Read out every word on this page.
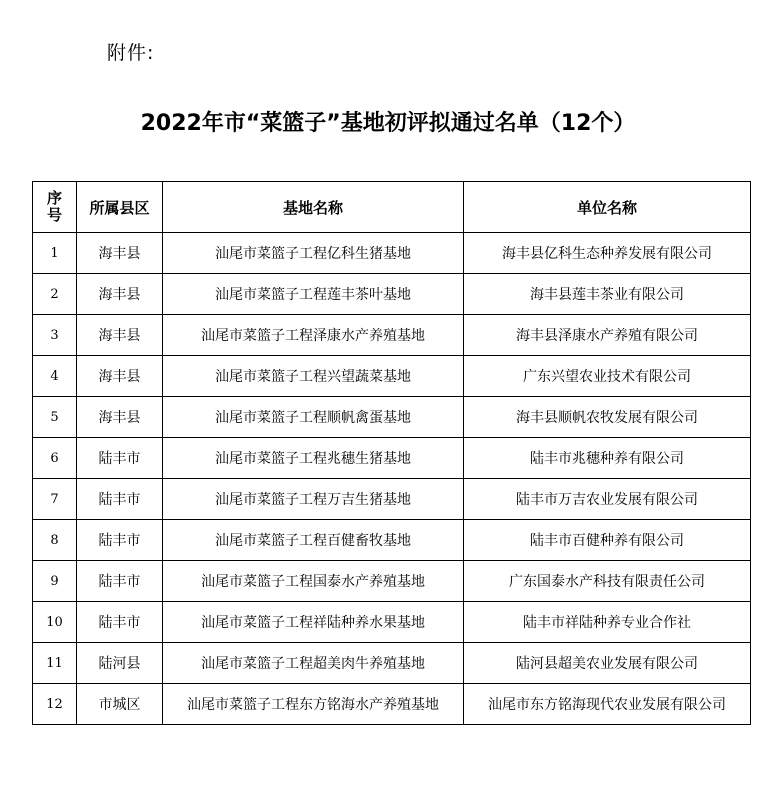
附件:
2022年市“菜篮子”基地初评拟通过名单（12个）
序
号	所属县区	基地名称	单位名称
1	海丰县	汕尾市菜篮子工程亿科生猪基地	海丰县亿科生态种养发展有限公司
2	海丰县	汕尾市菜篮子工程莲丰茶叶基地	海丰县莲丰茶业有限公司
3	海丰县	汕尾市菜篮子工程泽康水产养殖基地	海丰县泽康水产养殖有限公司
4	海丰县	汕尾市菜篮子工程兴望蔬菜基地	广东兴望农业技术有限公司
5	海丰县	汕尾市菜篮子工程顺帆禽蛋基地	海丰县顺帆农牧发展有限公司
6	陆丰市	汕尾市菜篮子工程兆穗生猪基地	陆丰市兆穗种养有限公司
7	陆丰市	汕尾市菜篮子工程万吉生猪基地	陆丰市万吉农业发展有限公司
8	陆丰市	汕尾市菜篮子工程百健畜牧基地	陆丰市百健种养有限公司
9	陆丰市	汕尾市菜篮子工程国泰水产养殖基地	广东国泰水产科技有限责任公司
10	陆丰市	汕尾市菜篮子工程祥陆种养水果基地	陆丰市祥陆种养专业合作社
11	陆河县	汕尾市菜篮子工程超美肉牛养殖基地	陆河县超美农业发展有限公司
12	市城区	汕尾市菜篮子工程东方铭海水产养殖基地	汕尾市东方铭海现代农业发展有限公司
